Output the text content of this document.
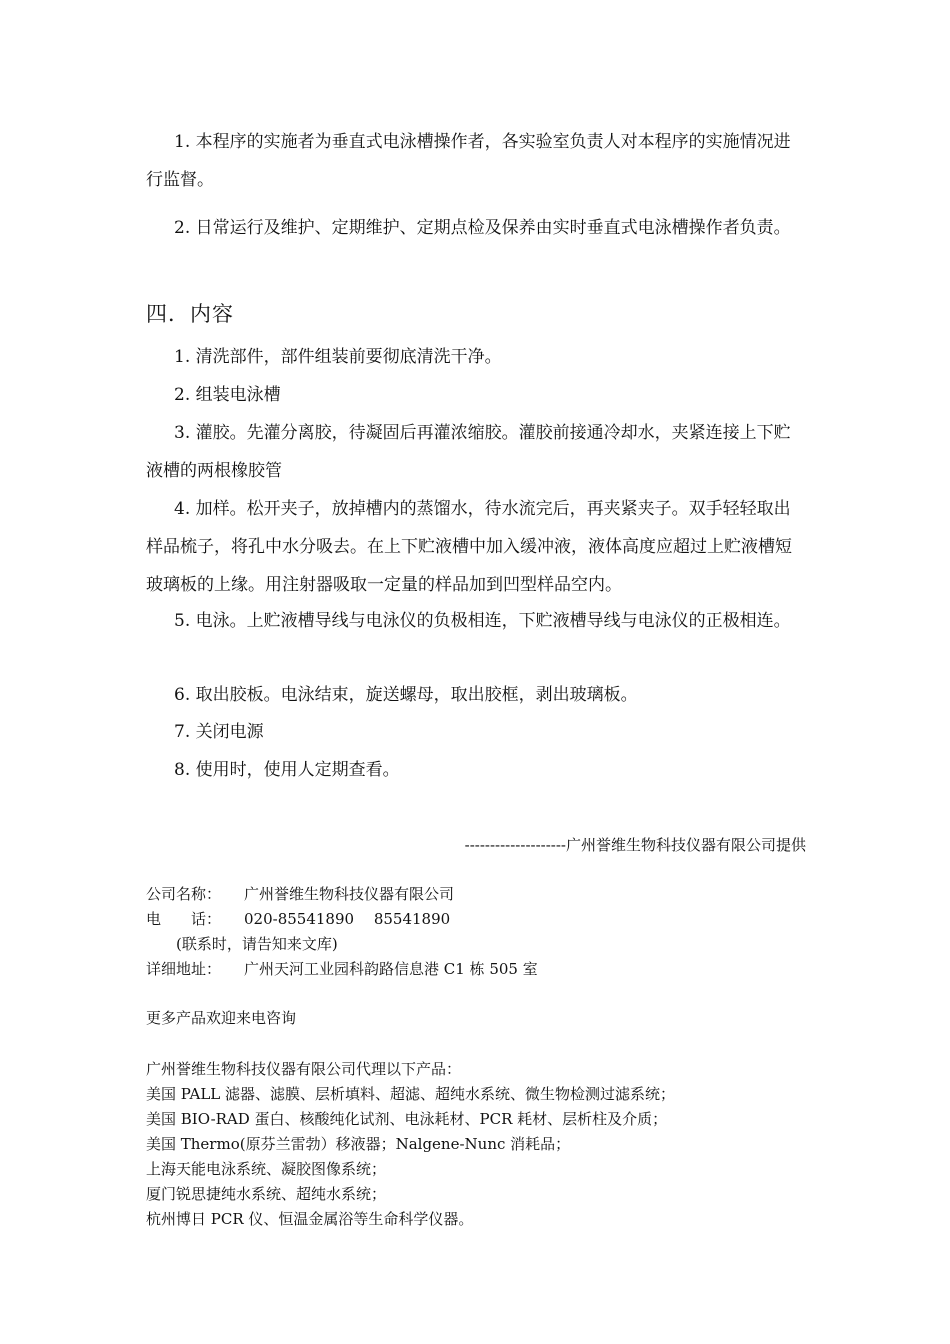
1. 本程序的实施者为垂直式电泳槽操作者，各实验室负责人对本程序的实施情况进行监督。

2. 日常运行及维护、定期维护、定期点检及保养由实时垂直式电泳槽操作者负责。

四．内容

1. 清洗部件，部件组装前要彻底清洗干净。

2. 组装电泳槽

3. 灌胶。先灌分离胶，待凝固后再灌浓缩胶。灌胶前接通冷却水，夹紧连接上下贮液槽的两根橡胶管

4. 加样。松开夹子，放掉槽内的蒸馏水，待水流完后，再夹紧夹子。双手轻轻取出样品梳子，将孔中水分吸去。在上下贮液槽中加入缓冲液，液体高度应超过上贮液槽短玻璃板的上缘。用注射器吸取一定量的样品加到凹型样品空内。

5. 电泳。上贮液槽导线与电泳仪的负极相连，下贮液槽导线与电泳仪的正极相连。

6. 取出胶板。电泳结束，旋送螺母，取出胶框，剥出玻璃板。

7. 关闭电源

8. 使用时，使用人定期查看。

--------------------广州誉维生物科技仪器有限公司提供
公司名称： 广州誉维生物科技仪器有限公司
电　　话： 020-85541890　 85541890
(联系时，请告知来文库)
详细地址： 广州天河工业园科韵路信息港 C1 栋 505 室
更多产品欢迎来电咨询
广州誉维生物科技仪器有限公司代理以下产品：
美国 PALL 滤器、滤膜、层析填料、超滤、超纯水系统、微生物检测过滤系统；
美国 BIO-RAD 蛋白、核酸纯化试剂、电泳耗材、PCR 耗材、层析柱及介质；
美国 Thermo(原芬兰雷勃）移液器；Nalgene-Nunc 消耗品；
上海天能电泳系统、凝胶图像系统；
厦门锐思捷纯水系统、超纯水系统；
杭州博日 PCR 仪、恒温金属浴等生命科学仪器。
